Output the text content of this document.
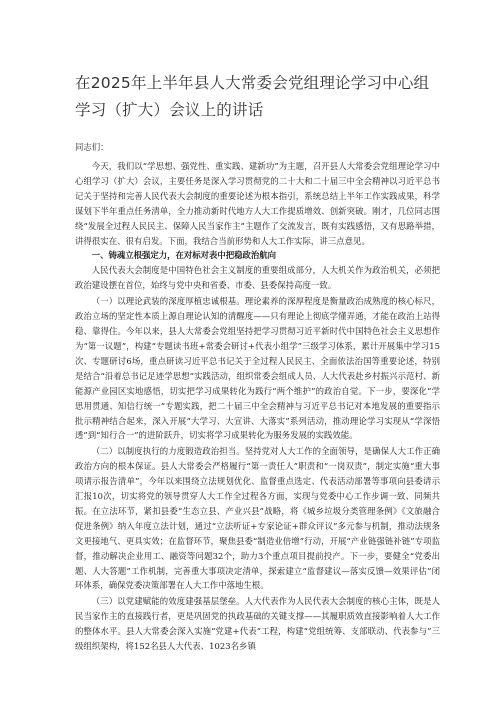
在2025年上半年县人大常委会党组理论学习中心组学习（扩大）会议上的讲话

同志们：

今天，我们以“学思想、强党性、重实践、建新功”为主题，召开县人大常委会党组理论学习中心组学习（扩大）会议，主要任务是深入学习贯彻党的二十大和二十届三中全会精神以习近平总书记关于坚持和完善人民代表大会制度的重要论述为根本指引，系统总结上半年工作实践成果，科学谋划下半年重点任务清单，全力推动新时代地方人大工作提质增效、创新突破。刚才，几位同志围绕“发展全过程人民民主、保障人民当家作主”主题作了交流发言，既有实践感悟，又有思路举措，讲得很实在、很有启发。下面，我结合当前形势和人大工作实际，讲三点意见。

一、铸魂立根强定力，在对标对表中把稳政治航向

人民代表大会制度是中国特色社会主义制度的重要组成部分，人大机关作为政治机关，必须把政治建设摆在首位，始终与党中央和省委、市委、县委保持高度一致。

（一）以理论武装的深度厚植忠诚根基。理论素养的深厚程度是衡量政治成熟度的核心标尺，政治立场的坚定性本质上源自理论认知的清醒度——只有理论上彻底学懂弄通，才能在政治上站得稳、靠得住。今年以来，县人大常委会党组坚持把学习贯彻习近平新时代中国特色社会主义思想作为“第一议题”，构建“专题读书班+常委会研讨+代表小组学”三级学习体系，累计开展集中学习15次、专题研讨6场，重点研读习近平总书记关于全过程人民民主、全面依法治国等重要论述，特别是结合“沿着总书记足迹学思想”实践活动，组织常委会组成人员、人大代表赴乡村振兴示范村、新能源产业园区实地感悟，切实把学习成果转化为践行“两个维护”的政治自觉。下一步，要深化“学思用贯通、知信行统一”专题实践，把二十届三中全会精神与习近平总书记对本地发展的重要指示批示精神结合起来，深入开展“大学习、大宣讲、大落实”系列活动，推动理论学习实现从“学深悟透”到“知行合一”的进阶跃升，切实将学习成果转化为服务发展的实践效能。

（二）以制度执行的力度锻造政治担当。坚持党对人大工作的全面领导，是确保人大工作正确政治方向的根本保证。县人大常委会严格履行“第一责任人”职责和“一岗双责”，制定实施“重大事项请示报告清单”，今年以来围绕立法规划优化、监督重点选定、代表活动部署等事项向县委请示汇报10次，切实将党的领导贯穿人大工作全过程各方面，实现与党委中心工作步调一致、同频共振。在立法环节，紧扣县委“生态立县、产业兴县”战略，将《城乡垃圾分类管理条例》《文旅融合促进条例》纳入年度立法计划，通过“立法听证+专家论证+群众评议”多元参与机制，推动法规条文更接地气、更具实效；在监督环节，聚焦县委“制造业倍增”行动，开展“产业链强链补链”专项监督，推动解决企业用工、融资等问题32个，助力3个重点项目提前投产。下一步，要健全“党委出题、人大答题”工作机制，完善重大事项决定清单，探索建立“监督建议—落实反馈—效果评估”闭环体系，确保党委决策部署在人大工作中落地生根。

（三）以党建赋能的效度建强基层堡垒。人大代表作为人民代表大会制度的核心主体，既是人民当家作主的直接践行者，更是巩固党的执政基础的关键支撑——其履职质效直接影响着人大工作的整体水平。县人大常委会深入实施“党建+代表”工程，构建“党组统筹、支部联动、代表参与”三级组织架构，将152名县人大代表、1023名乡镇
